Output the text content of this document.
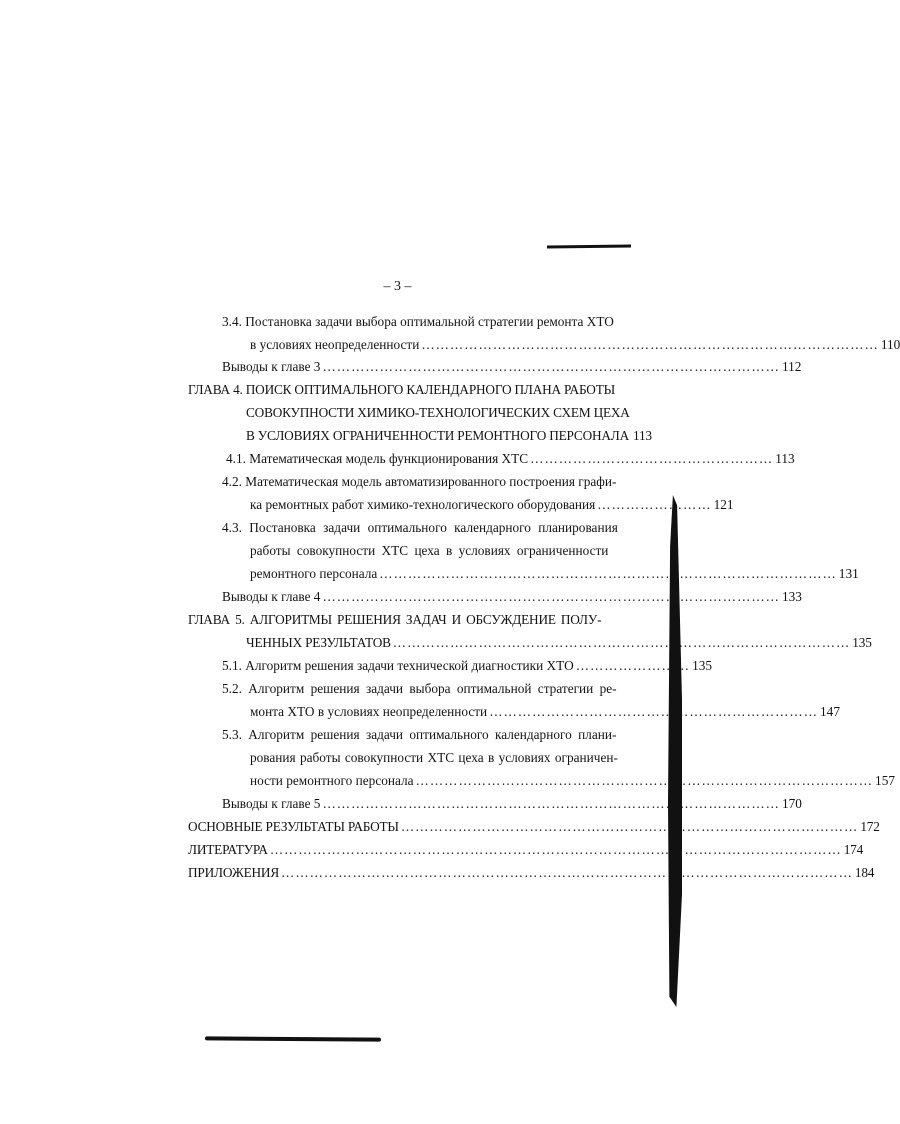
– 3 –
3.4. Постановка задачи выбора оптимальной стратегии ремонта ХТО
в условиях неопределенности …………………………………………………………………………………… 110
Выводы к главе 3 …………………………………………………………………………………… 112
ГЛАВА 4. ПОИСК ОПТИМАЛЬНОГО КАЛЕНДАРНОГО ПЛАНА РАБОТЫ
СОВОКУПНОСТИ ХИМИКО-ТЕХНОЛОГИЧЕСКИХ СХЕМ ЦЕХА
В УСЛОВИЯХ ОГРАНИЧЕННОСТИ РЕМОНТНОГО ПЕРСОНАЛА 113
4.1. Математическая модель функционирования ХТС …………………………………………… 113
4.2. Математическая модель автоматизированного построения графи-
ка ремонтных работ химико-технологического оборудования …………………… 121
4.3. Постановка задачи оптимального календарного планирования
работы совокупности ХТС цеха в условиях ограниченности
ремонтного персонала …………………………………………………………………………………… 131
Выводы к главе 4 …………………………………………………………………………………… 133
ГЛАВА 5. АЛГОРИТМЫ РЕШЕНИЯ ЗАДАЧ И ОБСУЖДЕНИЕ ПОЛУ-
ЧЕННЫХ РЕЗУЛЬТАТОВ …………………………………………………………………………………… 135
5.1. Алгоритм решения задачи технической диагностики ХТО …………………… 135
5.2. Алгоритм решения задачи выбора оптимальной стратегии ре-
монта ХТО в условиях неопределенности …………………………………………………………… 147
5.3. Алгоритм решения задачи оптимального календарного плани-
рования работы совокупности ХТС цеха в условиях ограничен-
ности ремонтного персонала …………………………………………………………………………………… 157
Выводы к главе 5 …………………………………………………………………………………… 170
ОСНОВНЫЕ РЕЗУЛЬТАТЫ РАБОТЫ …………………………………………………………………………………… 172
ЛИТЕРАТУРА ………………………………………………………………………………………………………… 174
ПРИЛОЖЕНИЯ ………………………………………………………………………………………………………… 184
